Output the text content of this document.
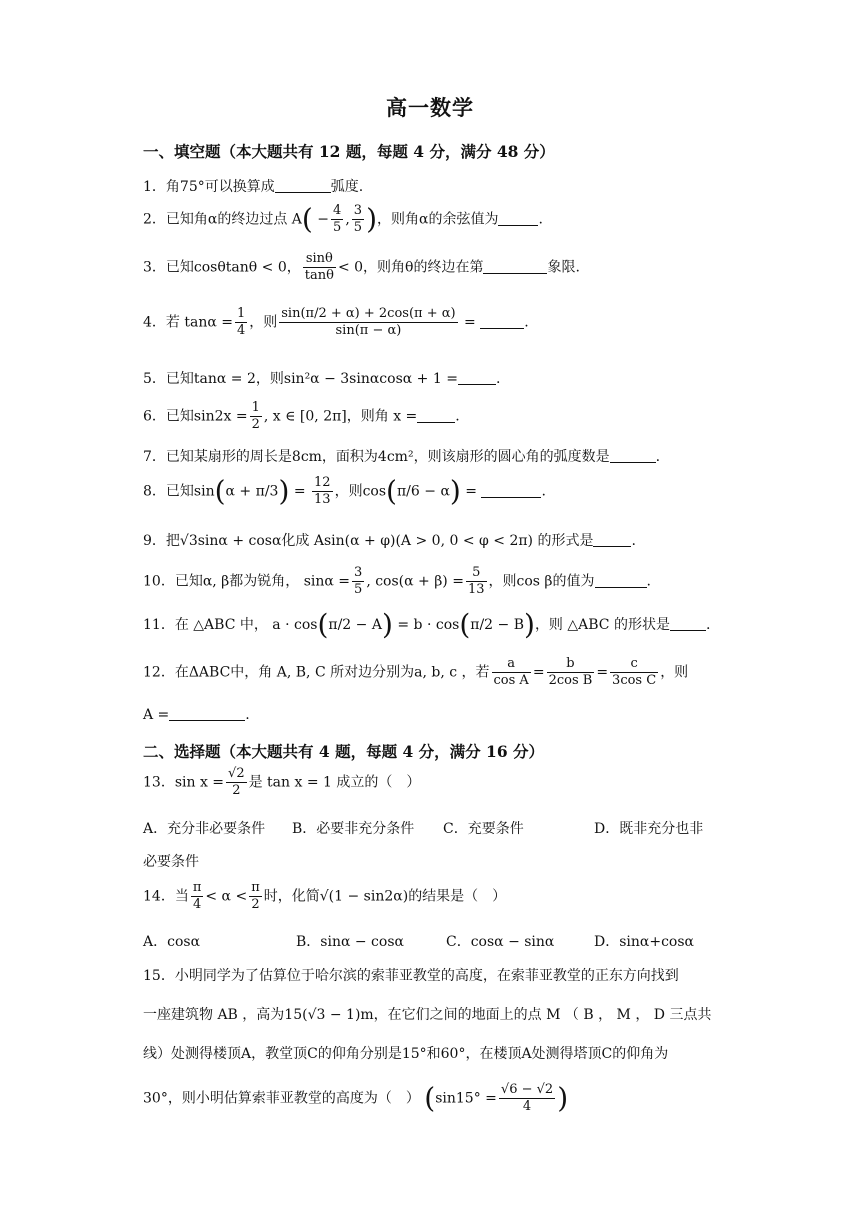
高一数学
一、填空题（本大题共有 12 题，每题 4 分，满分 48 分）
1．角75°可以换算成	弧度.
2．已知角α的终边过点 $A( - \frac{4}{5}$ , $\frac{3}{5}$ )，则角α的余弦值为	.
3．已知cosθtanθ < 0， $\frac{\sin\theta}{\tan\theta} < 0$，则角θ的终边在第	象限.
4．若 $\tan\alpha = \frac{1}{4}$ ，则 $\frac{\sin(\pi/2 + \alpha) + 2\cos(\pi + \alpha)}{\sin(\pi - \alpha)}$ =	.
5．已知tanα = 2，则sin²α − 3sinαcosα + 1 =	.
6．已知$\sin 2x = \frac{1}{2}$ , x ∈ [0, 2π]，则角 x =	.
7．已知某扇形的周长是8cm，面积为4cm²，则该扇形的圆心角的弧度数是	.
8．已知$\sin(\alpha + \pi/3) = \frac{12}{13}$ ，则cos(π/6 − α) =	.
9．把√3sinα + cosα化成 Asin(α + φ)(A > 0, 0 < φ < 2π) 的形式是	.
10．已知α, β都为锐角， $\sin\alpha = \frac{3}{5}$ , $\cos(\alpha + \beta) = \frac{5}{13}$ ，则cos β的值为	.
11．在 △ABC 中， a · cos(π/2 − A) = b · cos(π/2 − B)，则 △ABC 的形状是	.
12．在ΔABC中，角 A, B, C 所对边分别为a, b, c ，若 $\frac{a}{\text{cos A}} = \frac{b}{\text{2cos B}} = \frac{c}{\text{3cos C}}$ ，则
A =	.
二、选择题（本大题共有 4 题，每题 4 分，满分 16 分）
13．$\sin x = \frac{√2}{2}$ 是 tan x = 1 成立的（　）
A．充分非必要条件 B．必要非充分条件 C．充要条件	D．既非充分也非
必要条件
14．当 $\frac{\pi}{4} < \alpha < \frac{\pi}{2}$ 时，化简√(1 − sin2α)的结果是（　）
A．cosα	B．sinα − cosα	C．cosα − sinα	D．sinα+cosα
15．小明同学为了估算位于哈尔滨的索菲亚教堂的高度，在索菲亚教堂的正东方向找到
一座建筑物 AB ，高为15(√3 − 1)m，在它们之间的地面上的点 M （ B ， M ， D 三点共
线）处测得楼顶A，教堂顶C的仰角分别是15°和60°，在楼顶A处测得塔顶C的仰角为
30°，则小明估算索菲亚教堂的高度为（　） ($\sin 15^\circ = \frac{√6 - √2}{4}$ )
